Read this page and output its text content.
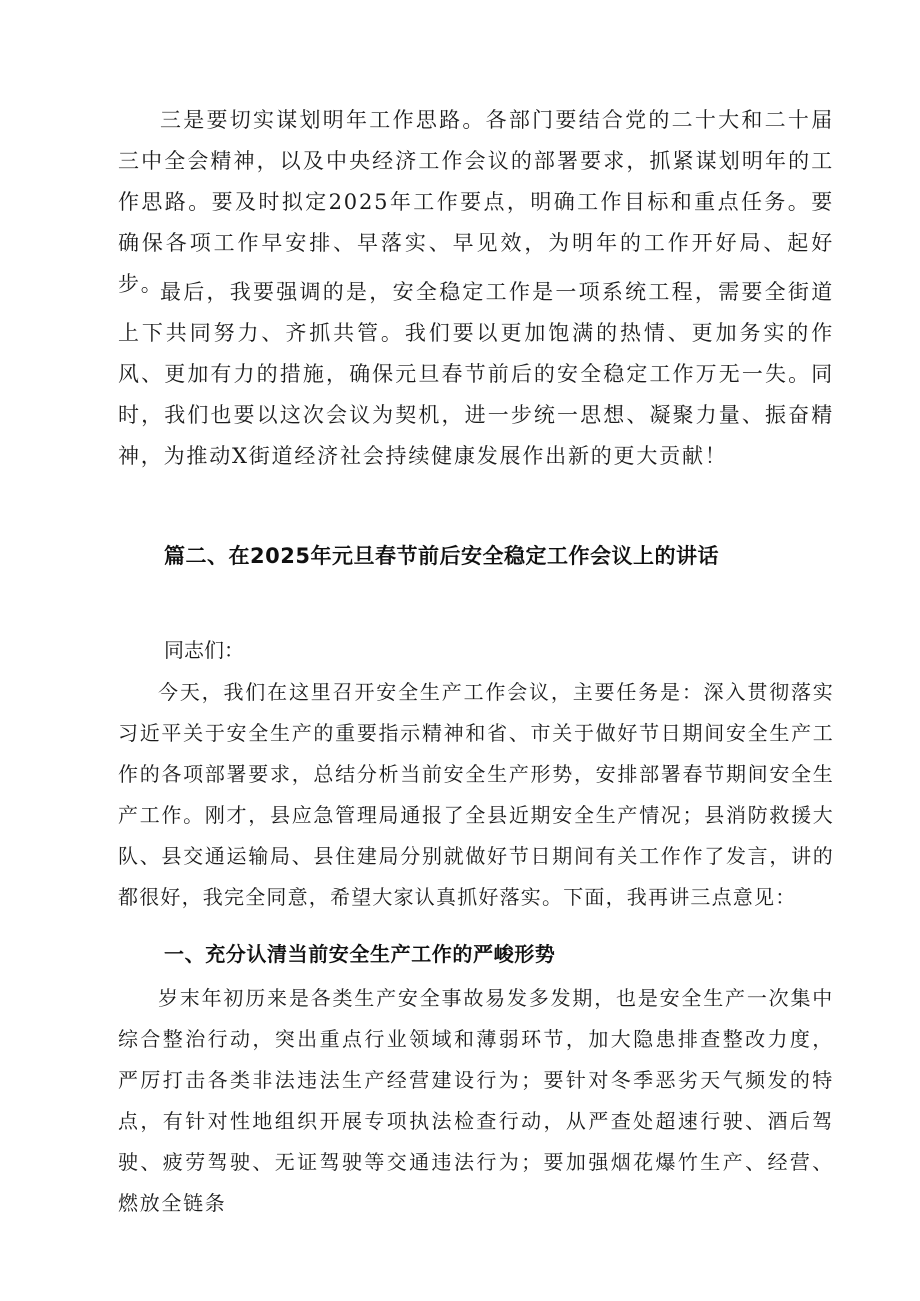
三是要切实谋划明年工作思路。各部门要结合党的二十大和二十届三中全会精神，以及中央经济工作会议的部署要求，抓紧谋划明年的工作思路。要及时拟定2025年工作要点，明确工作目标和重点任务。要确保各项工作早安排、早落实、早见效，为明年的工作开好局、起好步。

最后，我要强调的是，安全稳定工作是一项系统工程，需要全街道上下共同努力、齐抓共管。我们要以更加饱满的热情、更加务实的作风、更加有力的措施，确保元旦春节前后的安全稳定工作万无一失。同时，我们也要以这次会议为契机，进一步统一思想、凝聚力量、振奋精神，为推动X街道经济社会持续健康发展作出新的更大贡献！

篇二、在2025年元旦春节前后安全稳定工作会议上的讲话

同志们：

今天，我们在这里召开安全生产工作会议，主要任务是：深入贯彻落实习近平关于安全生产的重要指示精神和省、市关于做好节日期间安全生产工作的各项部署要求，总结分析当前安全生产形势，安排部署春节期间安全生产工作。刚才，县应急管理局通报了全县近期安全生产情况；县消防救援大队、县交通运输局、县住建局分别就做好节日期间有关工作作了发言，讲的都很好，我完全同意，希望大家认真抓好落实。下面，我再讲三点意见：

一、充分认清当前安全生产工作的严峻形势

岁末年初历来是各类生产安全事故易发多发期，也是安全生产一次集中综合整治行动，突出重点行业领域和薄弱环节，加大隐患排查整改力度，严厉打击各类非法违法生产经营建设行为；要针对冬季恶劣天气频发的特点，有针对性地组织开展专项执法检查行动，从严查处超速行驶、酒后驾驶、疲劳驾驶、无证驾驶等交通违法行为；要加强烟花爆竹生产、经营、燃放全链条
